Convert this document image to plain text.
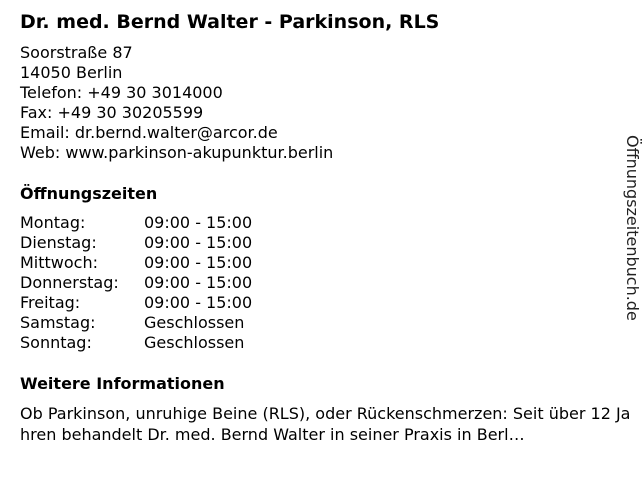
Dr. med. Bernd Walter - Parkinson, RLS
Soorstraße 87
14050 Berlin
Telefon: +49 30 3014000
Fax: +49 30 30205599
Email: dr.bernd.walter@arcor.de
Web: www.parkinson-akupunktur.berlin
Öffnungszeiten
Montag:	09:00 - 15:00
Dienstag:	09:00 - 15:00
Mittwoch:	09:00 - 15:00
Donnerstag:	09:00 - 15:00
Freitag:	09:00 - 15:00
Samstag:	Geschlossen
Sonntag:	Geschlossen
Weitere Informationen
Ob Parkinson, unruhige Beine (RLS), oder Rückenschmerzen: Seit über 12 Jahren behandelt Dr. med. Bernd Walter in seiner Praxis in Berl…
Öffnungszeitenbuch.de
